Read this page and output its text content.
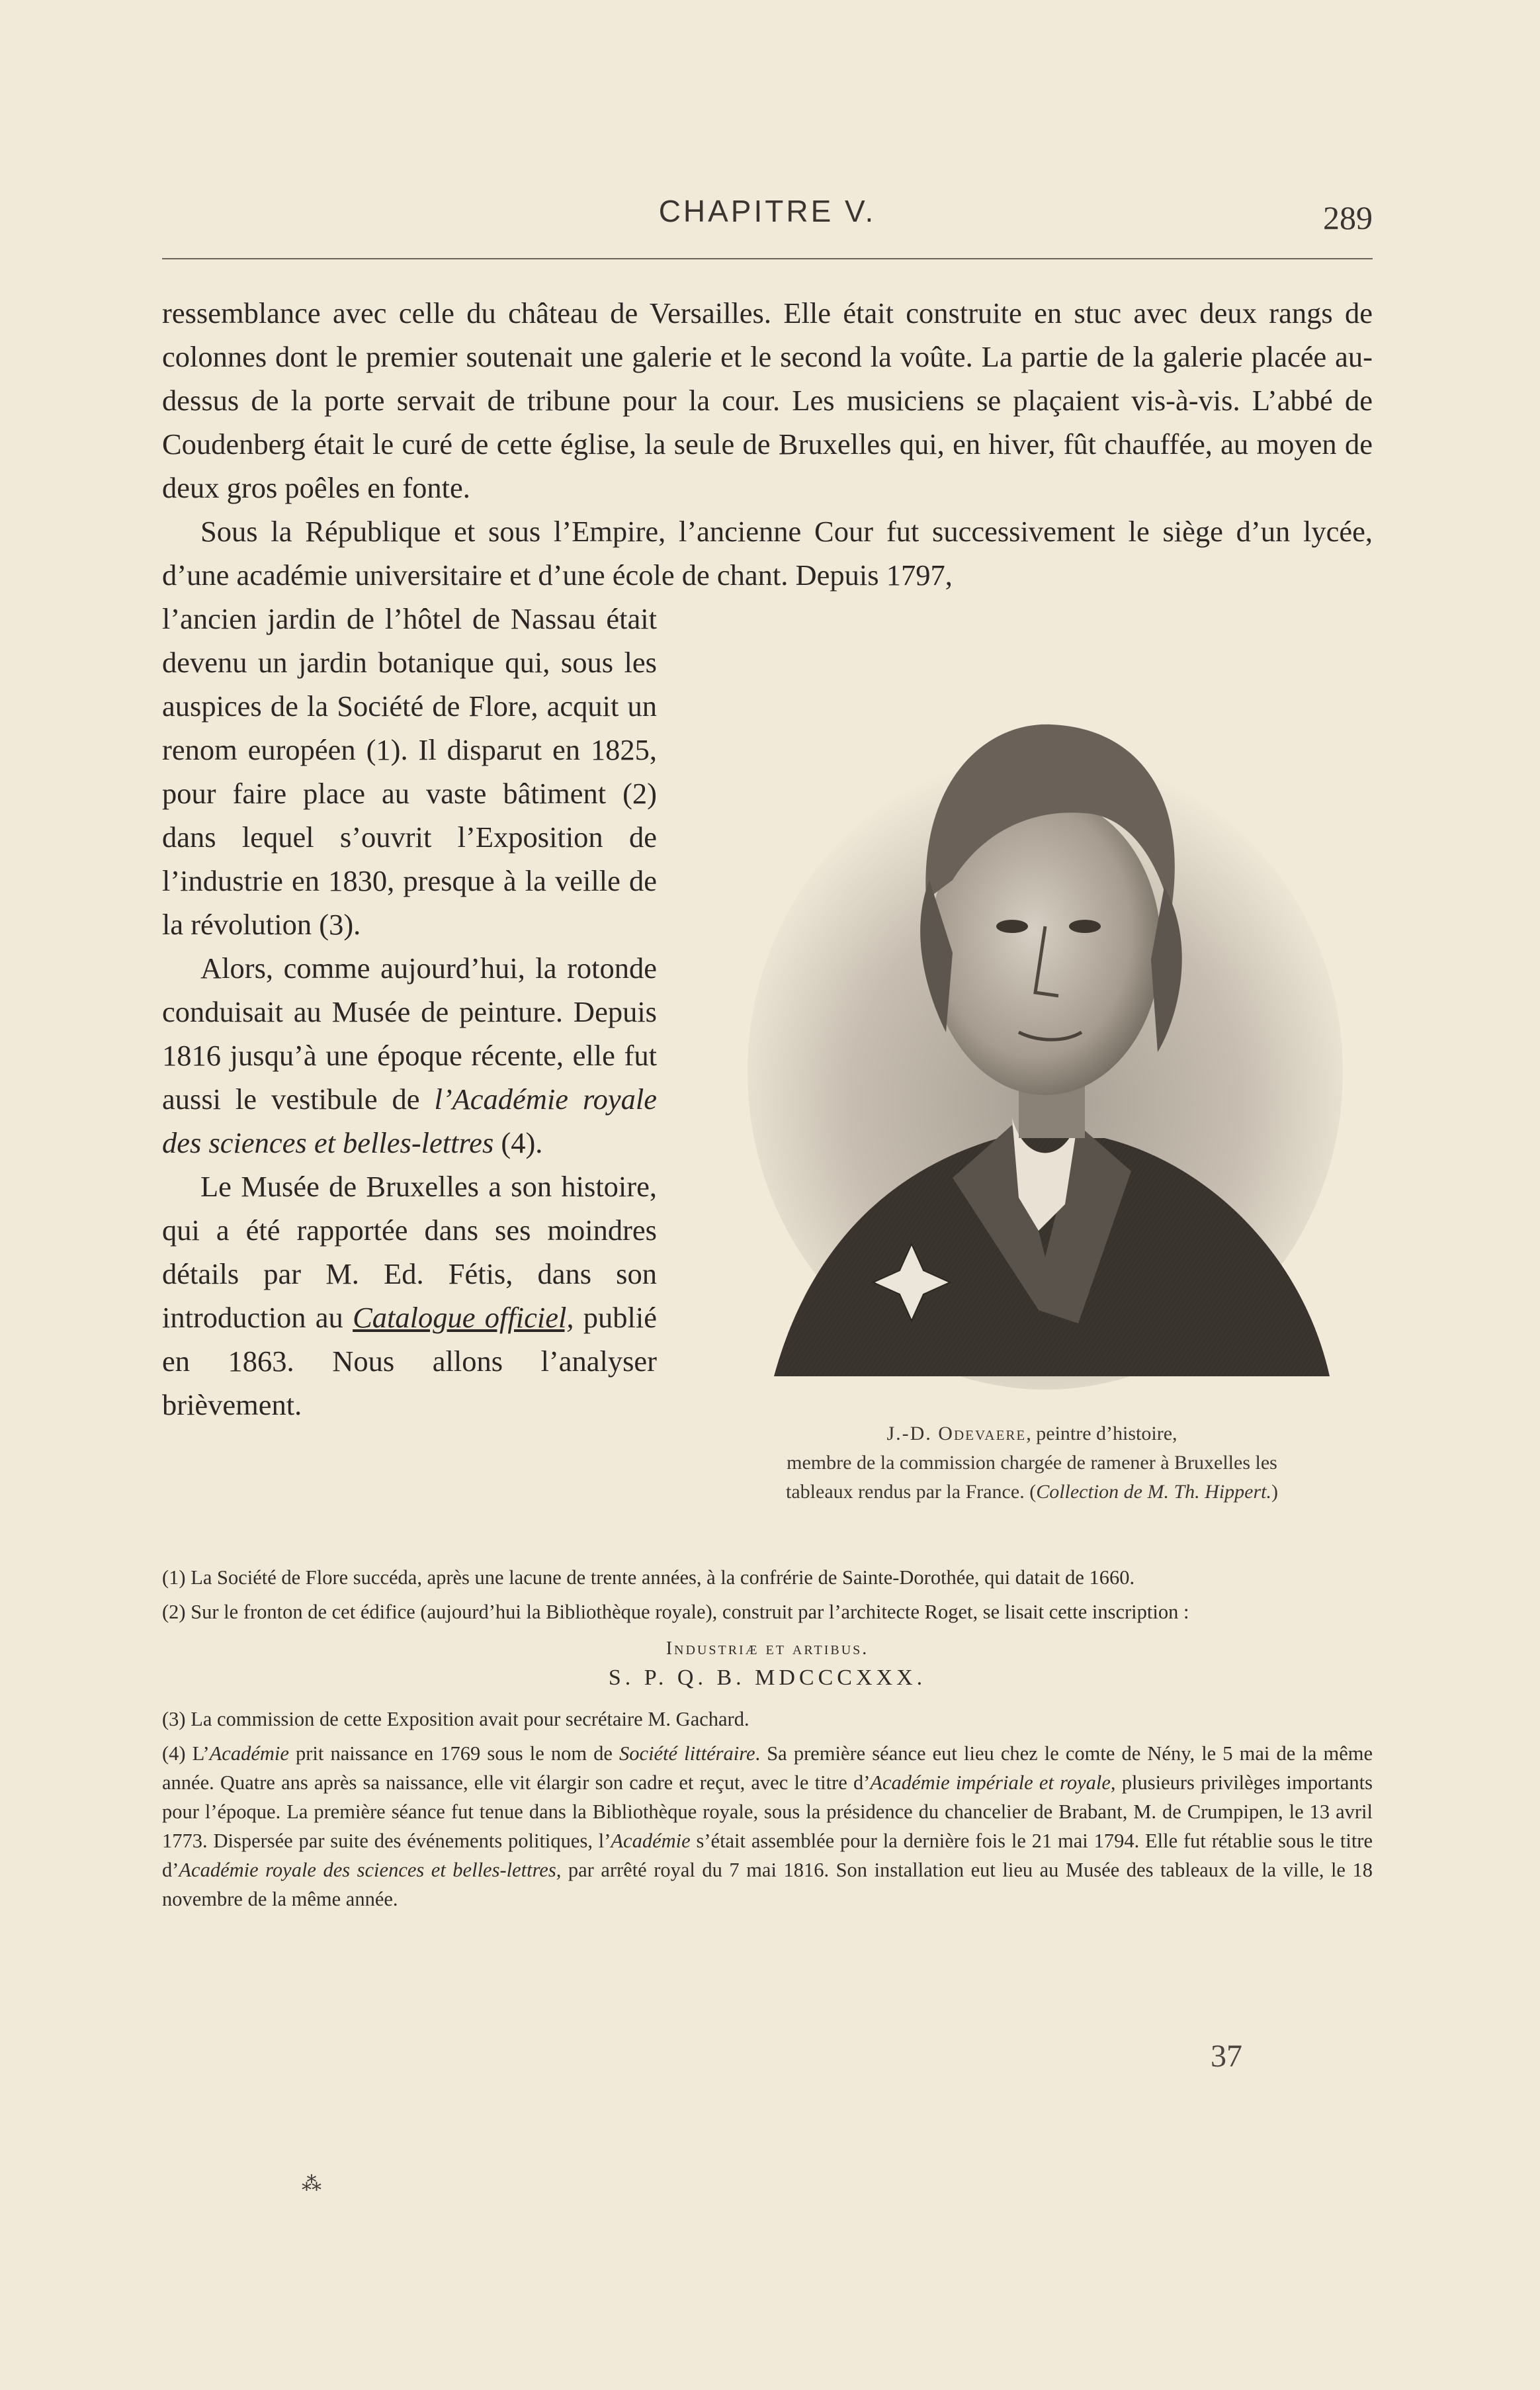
CHAPITRE V.	289

ressemblance avec celle du château de Versailles. Elle était construite en stuc avec deux rangs de colonnes dont le premier soutenait une galerie et le second la voûte. La partie de la galerie placée au-dessus de la porte servait de tribune pour la cour. Les musiciens se plaçaient vis-à-vis. L’abbé de Coudenberg était le curé de cette église, la seule de Bruxelles qui, en hiver, fût chauffée, au moyen de deux gros poêles en fonte.

Sous la République et sous l’Empire, l’ancienne Cour fut successivement le siège d’un lycée, d’une académie universitaire et d’une école de chant. Depuis 1797,

l’ancien jardin de l’hôtel de Nassau était devenu un jardin botanique qui, sous les auspices de la Société de Flore, acquit un renom européen (1). Il disparut en 1825, pour faire place au vaste bâtiment (2) dans lequel s’ouvrit l’Exposition de l’industrie en 1830, presque à la veille de la révolution (3).

Alors, comme aujourd’hui, la rotonde conduisait au Musée de peinture. Depuis 1816 jusqu’à une époque récente, elle fut aussi le vestibule de l’Académie royale des sciences et belles-lettres (4).

Le Musée de Bruxelles a son histoire, qui a été rapportée dans ses moindres détails par M. Ed. Fétis, dans son introduction au Catalogue officiel, publié en 1863. Nous allons l’analyser brièvement.

J.-D. Odevaere, peintre d’histoire,
membre de la commission chargée de ramener à Bruxelles les
tableaux rendus par la France. (Collection de M. Th. Hippert.)

(1) La Société de Flore succéda, après une lacune de trente années, à la confrérie de Sainte-Dorothée, qui datait de 1660.

(2) Sur le fronton de cet édifice (aujourd’hui la Bibliothèque royale), construit par l’architecte Roget, se lisait cette inscription :

Industriæ et artibus.

S. P. Q. B. MDCCCXXX.

(3) La commission de cette Exposition avait pour secrétaire M. Gachard.

(4) L’Académie prit naissance en 1769 sous le nom de Société littéraire. Sa première séance eut lieu chez le comte de Nény, le 5 mai de la même année. Quatre ans après sa naissance, elle vit élargir son cadre et reçut, avec le titre d’Académie impériale et royale, plusieurs privilèges importants pour l’époque. La première séance fut tenue dans la Bibliothèque royale, sous la présidence du chancelier de Brabant, M. de Crumpipen, le 13 avril 1773. Dispersée par suite des événements politiques, l’Académie s’était assemblée pour la dernière fois le 21 mai 1794. Elle fut rétablie sous le titre d’Académie royale des sciences et belles-lettres, par arrêté royal du 7 mai 1816. Son installation eut lieu au Musée des tableaux de la ville, le 18 novembre de la même année.

37
⁂
